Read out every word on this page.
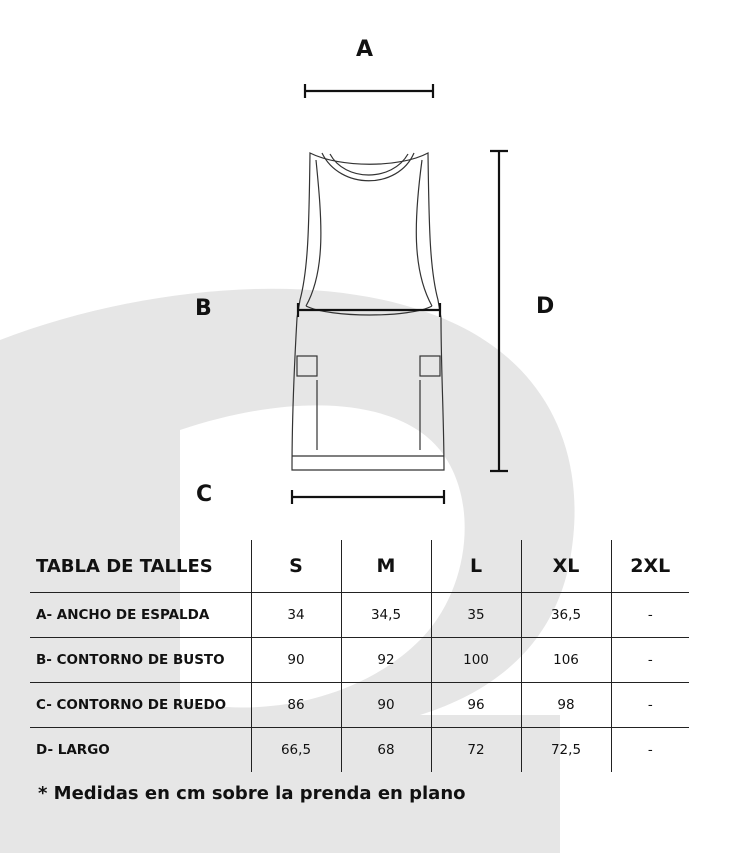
A
B
C
D
TABLA DE TALLES	S	M	L	XL	2XL
A- ANCHO DE ESPALDA	34	34,5	35	36,5	-
B- CONTORNO DE BUSTO	90	92	100	106	-
C- CONTORNO DE RUEDO	86	90	96	98	-
D- LARGO	66,5	68	72	72,5	-
* Medidas en cm sobre la prenda en plano
